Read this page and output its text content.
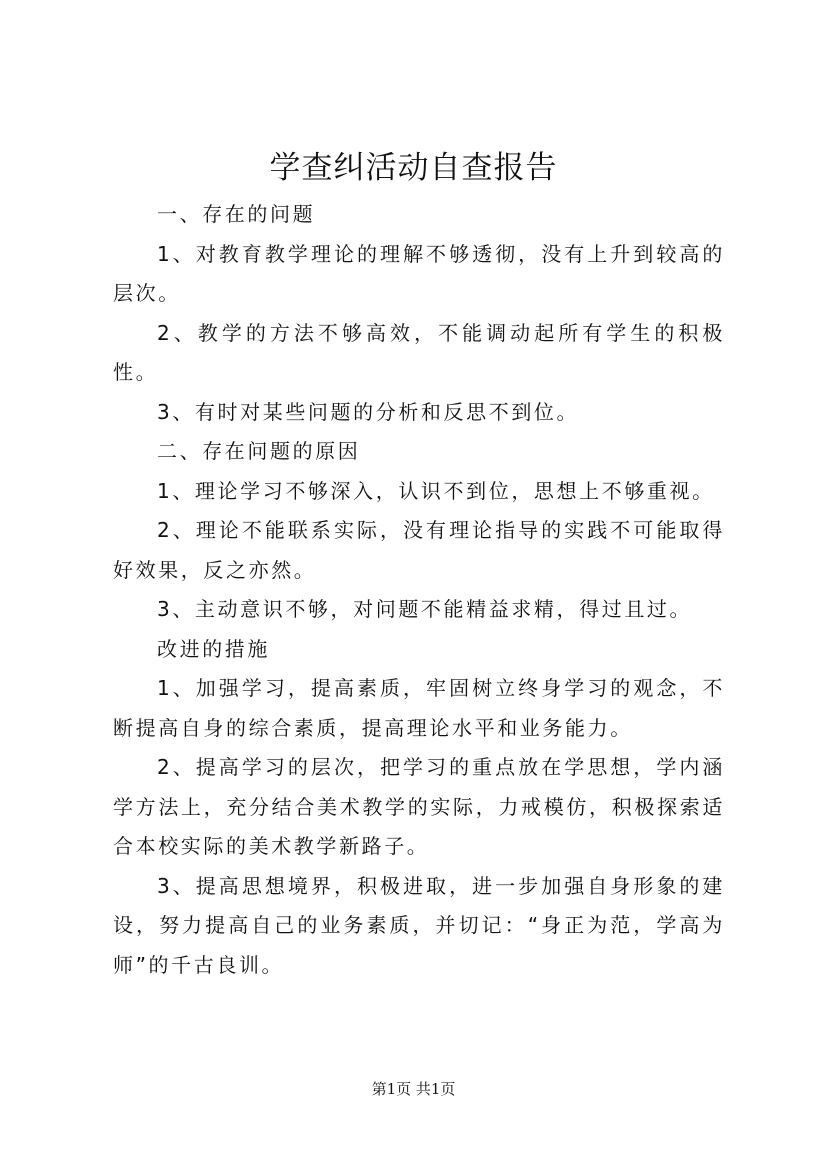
学查纠活动自查报告

一、存在的问题

1、对教育教学理论的理解不够透彻，没有上升到较高的层次。

2、教学的方法不够高效，不能调动起所有学生的积极性。

3、有时对某些问题的分析和反思不到位。

二、存在问题的原因

1、理论学习不够深入，认识不到位，思想上不够重视。

2、理论不能联系实际，没有理论指导的实践不可能取得好效果，反之亦然。

3、主动意识不够，对问题不能精益求精，得过且过。

改进的措施

1、加强学习，提高素质，牢固树立终身学习的观念，不断提高自身的综合素质，提高理论水平和业务能力。

2、提高学习的层次，把学习的重点放在学思想，学内涵学方法上，充分结合美术教学的实际，力戒模仿，积极探索适合本校实际的美术教学新路子。

3、提高思想境界，积极进取，进一步加强自身形象的建设，努力提高自己的业务素质，并切记：“身正为范，学高为师”的千古良训。

第1页 共1页
